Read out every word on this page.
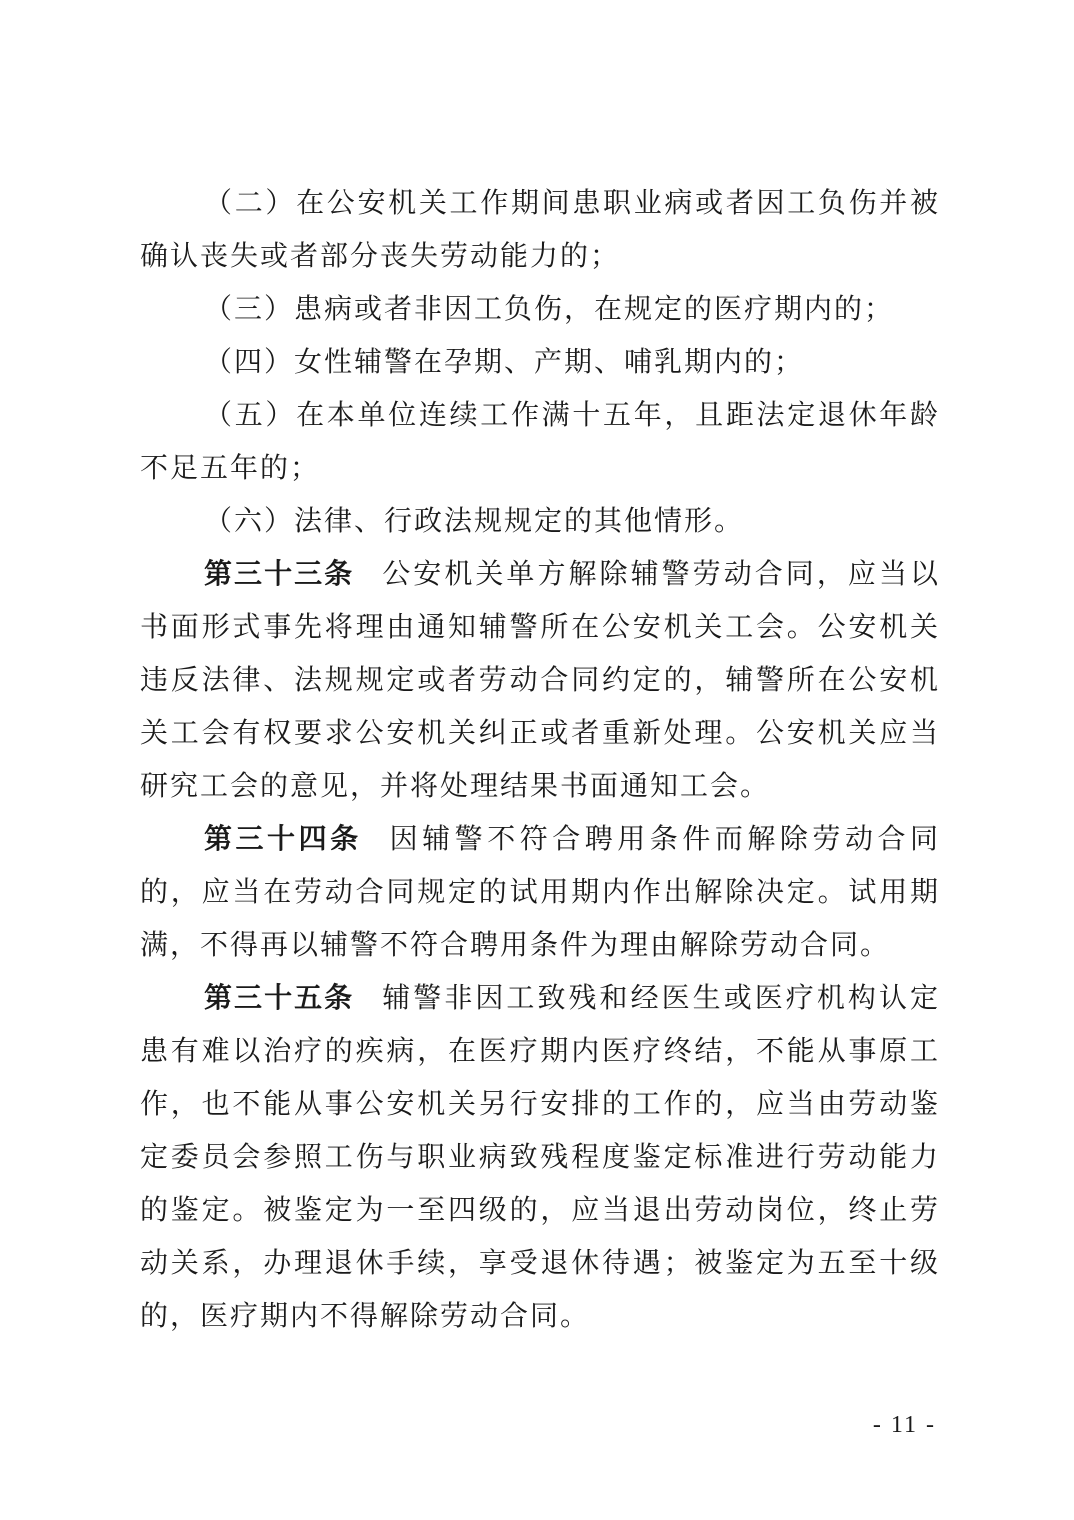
（二）在公安机关工作期间患职业病或者因工负伤并被确认丧失或者部分丧失劳动能力的；

（三）患病或者非因工负伤，在规定的医疗期内的；

（四）女性辅警在孕期、产期、哺乳期内的；

（五）在本单位连续工作满十五年，且距法定退休年龄不足五年的；

（六）法律、行政法规规定的其他情形。

第三十三条 公安机关单方解除辅警劳动合同，应当以书面形式事先将理由通知辅警所在公安机关工会。公安机关违反法律、法规规定或者劳动合同约定的，辅警所在公安机关工会有权要求公安机关纠正或者重新处理。公安机关应当研究工会的意见，并将处理结果书面通知工会。

第三十四条 因辅警不符合聘用条件而解除劳动合同的，应当在劳动合同规定的试用期内作出解除决定。试用期满，不得再以辅警不符合聘用条件为理由解除劳动合同。

第三十五条 辅警非因工致残和经医生或医疗机构认定患有难以治疗的疾病，在医疗期内医疗终结，不能从事原工作，也不能从事公安机关另行安排的工作的，应当由劳动鉴定委员会参照工伤与职业病致残程度鉴定标准进行劳动能力的鉴定。被鉴定为一至四级的，应当退出劳动岗位，终止劳动关系，办理退休手续，享受退休待遇；被鉴定为五至十级的，医疗期内不得解除劳动合同。

- 11 -
